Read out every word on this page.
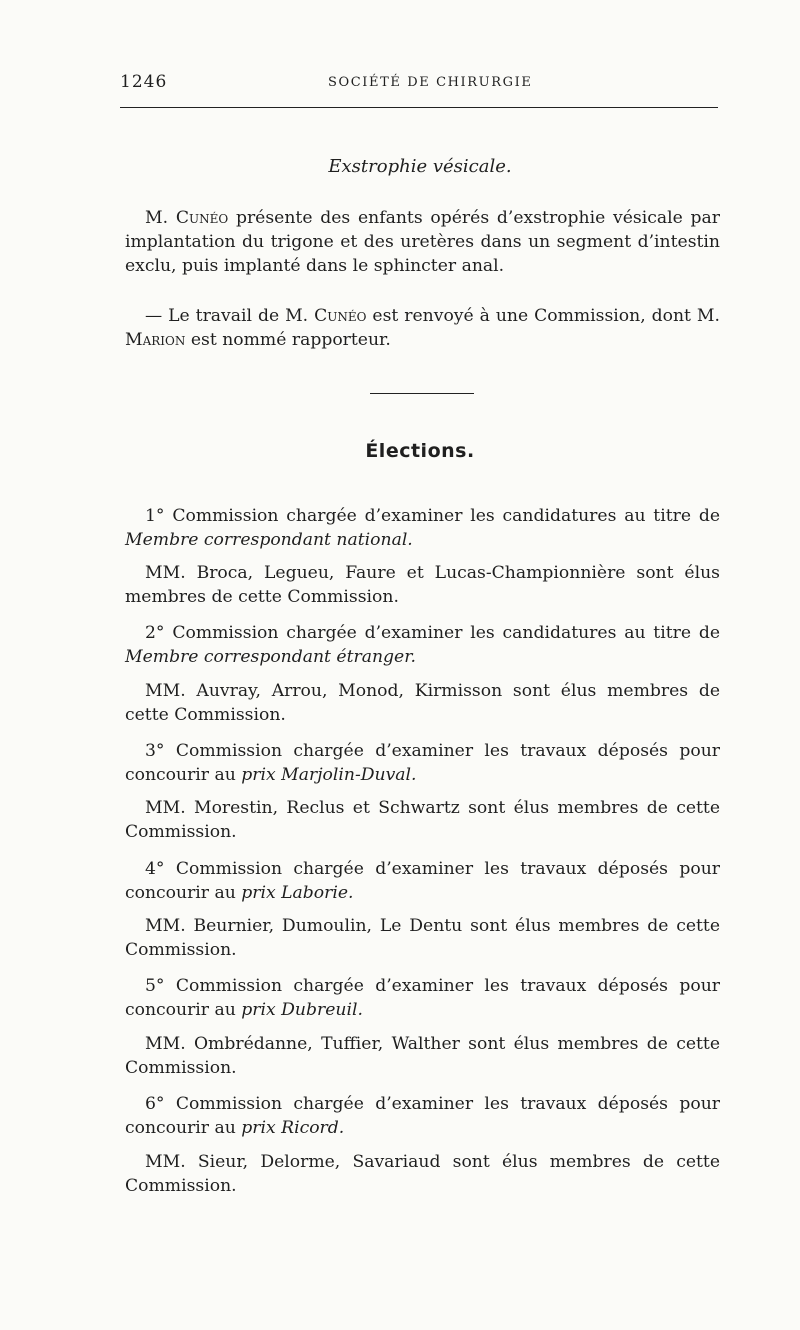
1246	SOCIÉTÉ DE CHIRURGIE
Exstrophie vésicale.

M. Cunéo présente des enfants opérés d’exstrophie vésicale par implantation du trigone et des uretères dans un segment d’intestin exclu, puis implanté dans le sphincter anal.

— Le travail de M. Cunéo est renvoyé à une Commission, dont M. Marion est nommé rapporteur.

Élections.

1° Commission chargée d’examiner les candidatures au titre de Membre correspondant national.

MM. Broca, Legueu, Faure et Lucas-Championnière sont élus membres de cette Commission.

2° Commission chargée d’examiner les candidatures au titre de Membre correspondant étranger.

MM. Auvray, Arrou, Monod, Kirmisson sont élus membres de cette Commission.

3° Commission chargée d’examiner les travaux déposés pour concourir au prix Marjolin-Duval.

MM. Morestin, Reclus et Schwartz sont élus membres de cette Commission.

4° Commission chargée d’examiner les travaux déposés pour concourir au prix Laborie.

MM. Beurnier, Dumoulin, Le Dentu sont élus membres de cette Commission.

5° Commission chargée d’examiner les travaux déposés pour concourir au prix Dubreuil.

MM. Ombrédanne, Tuffier, Walther sont élus membres de cette Commission.

6° Commission chargée d’examiner les travaux déposés pour concourir au prix Ricord.

MM. Sieur, Delorme, Savariaud sont élus membres de cette Commission.
